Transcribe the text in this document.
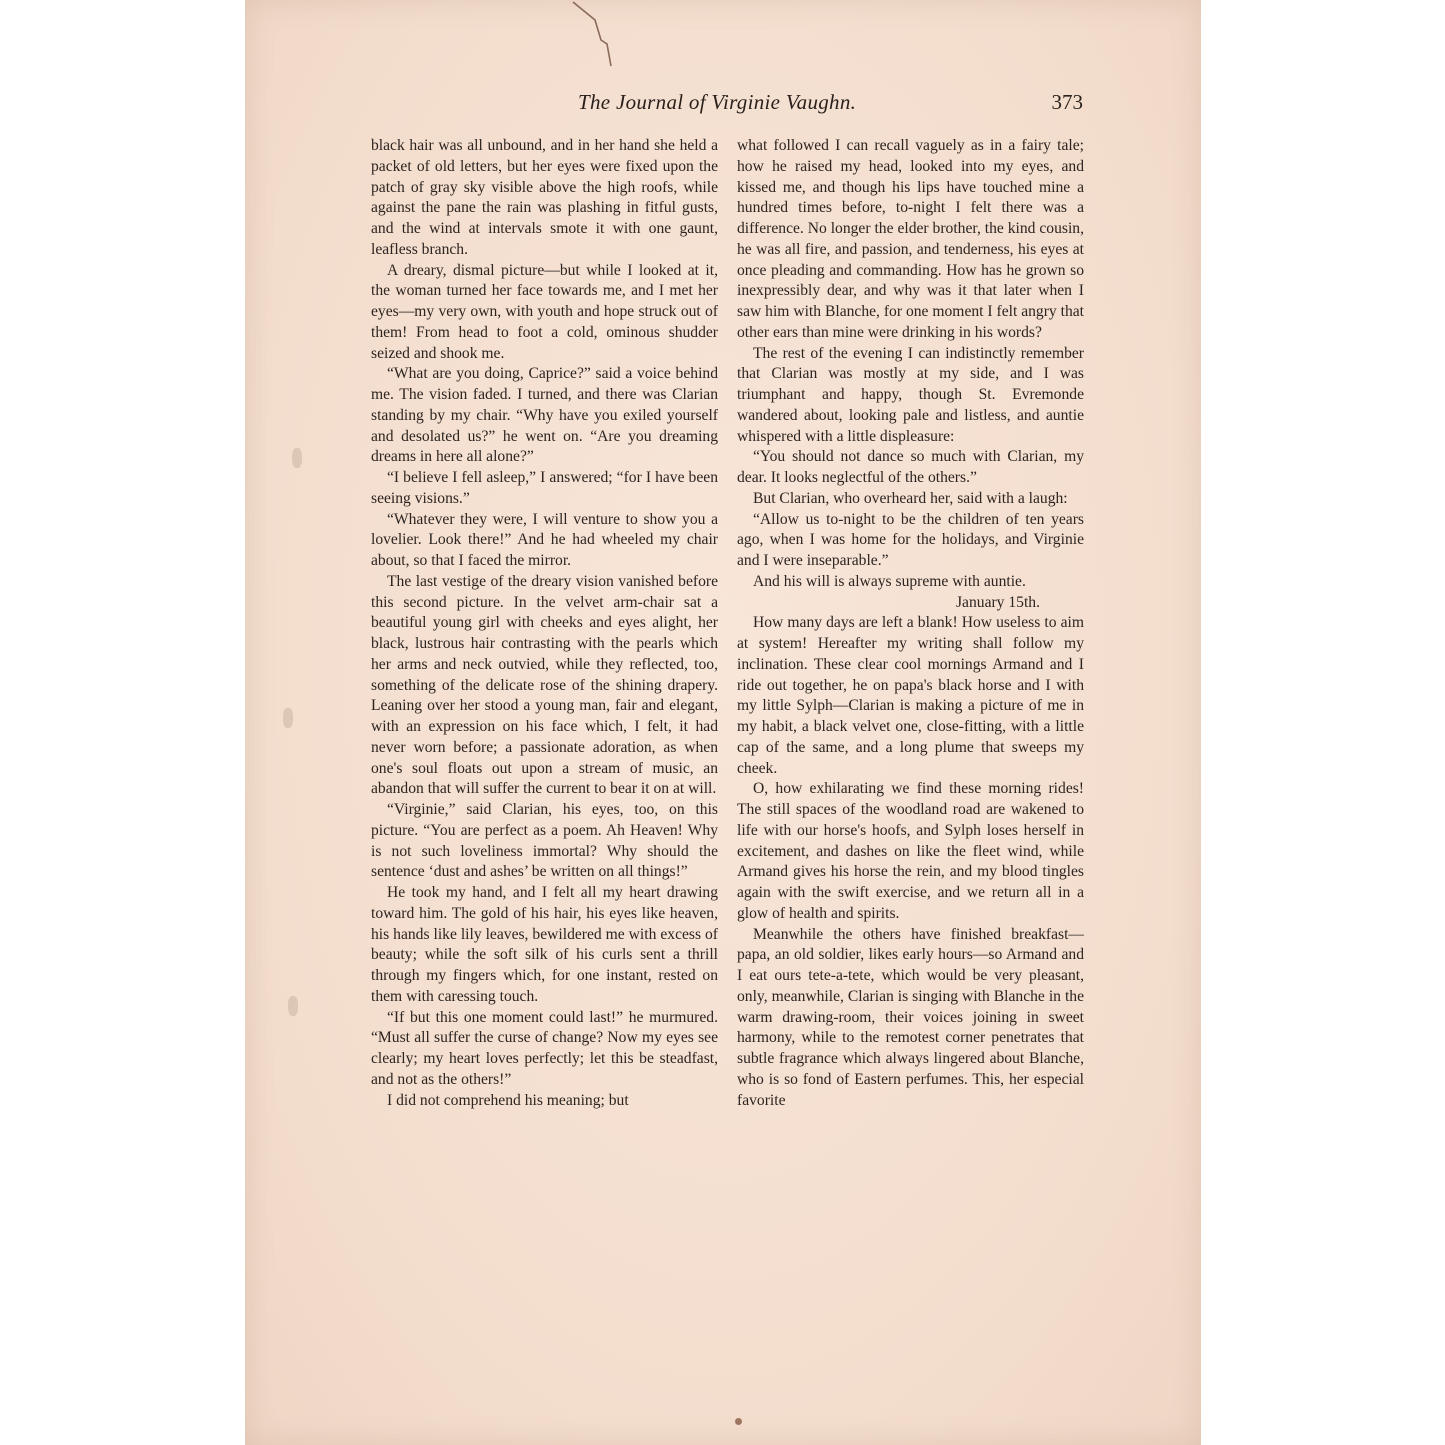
The Journal of Virginie Vaughn.	373

black hair was all unbound, and in her hand she held a packet of old letters, but her eyes were fixed upon the patch of gray sky visible above the high roofs, while against the pane the rain was plashing in fitful gusts, and the wind at intervals smote it with one gaunt, leafless branch.

A dreary, dismal picture—but while I looked at it, the woman turned her face towards me, and I met her eyes—my very own, with youth and hope struck out of them! From head to foot a cold, ominous shudder seized and shook me.

“What are you doing, Caprice?” said a voice behind me. The vision faded. I turned, and there was Clarian standing by my chair. “Why have you exiled yourself and desolated us?” he went on. “Are you dreaming dreams in here all alone?”

“I believe I fell asleep,” I answered; “for I have been seeing visions.”

“Whatever they were, I will venture to show you a lovelier. Look there!” And he had wheeled my chair about, so that I faced the mirror.

The last vestige of the dreary vision vanished before this second picture. In the velvet arm-chair sat a beautiful young girl with cheeks and eyes alight, her black, lustrous hair contrasting with the pearls which her arms and neck outvied, while they reflected, too, something of the delicate rose of the shining drapery. Leaning over her stood a young man, fair and elegant, with an expression on his face which, I felt, it had never worn before; a passionate adoration, as when one's soul floats out upon a stream of music, an abandon that will suffer the current to bear it on at will.

“Virginie,” said Clarian, his eyes, too, on this picture. “You are perfect as a poem. Ah Heaven! Why is not such loveliness immortal? Why should the sentence ‘dust and ashes’ be written on all things!”

He took my hand, and I felt all my heart drawing toward him. The gold of his hair, his eyes like heaven, his hands like lily leaves, bewildered me with excess of beauty; while the soft silk of his curls sent a thrill through my fingers which, for one instant, rested on them with caressing touch.

“If but this one moment could last!” he murmured. “Must all suffer the curse of change? Now my eyes see clearly; my heart loves perfectly; let this be steadfast, and not as the others!”

I did not comprehend his meaning; but

what followed I can recall vaguely as in a fairy tale; how he raised my head, looked into my eyes, and kissed me, and though his lips have touched mine a hundred times before, to-night I felt there was a difference. No longer the elder brother, the kind cousin, he was all fire, and passion, and tenderness, his eyes at once pleading and commanding. How has he grown so inexpressibly dear, and why was it that later when I saw him with Blanche, for one moment I felt angry that other ears than mine were drinking in his words?

The rest of the evening I can indistinctly remember that Clarian was mostly at my side, and I was triumphant and happy, though St. Evremonde wandered about, looking pale and listless, and auntie whispered with a little displeasure:

“You should not dance so much with Clarian, my dear. It looks neglectful of the others.”

But Clarian, who overheard her, said with a laugh:

“Allow us to-night to be the children of ten years ago, when I was home for the holidays, and Virginie and I were inseparable.”

And his will is always supreme with auntie.

January 15th.

How many days are left a blank! How useless to aim at system! Hereafter my writing shall follow my inclination. These clear cool mornings Armand and I ride out together, he on papa's black horse and I with my little Sylph—Clarian is making a picture of me in my habit, a black velvet one, close-fitting, with a little cap of the same, and a long plume that sweeps my cheek.

O, how exhilarating we find these morning rides! The still spaces of the woodland road are wakened to life with our horse's hoofs, and Sylph loses herself in excitement, and dashes on like the fleet wind, while Armand gives his horse the rein, and my blood tingles again with the swift exercise, and we return all in a glow of health and spirits.

Meanwhile the others have finished breakfast—papa, an old soldier, likes early hours—so Armand and I eat ours tete-a-tete, which would be very pleasant, only, meanwhile, Clarian is singing with Blanche in the warm drawing-room, their voices joining in sweet harmony, while to the remotest corner penetrates that subtle fragrance which always lingered about Blanche, who is so fond of Eastern perfumes. This, her especial favorite
